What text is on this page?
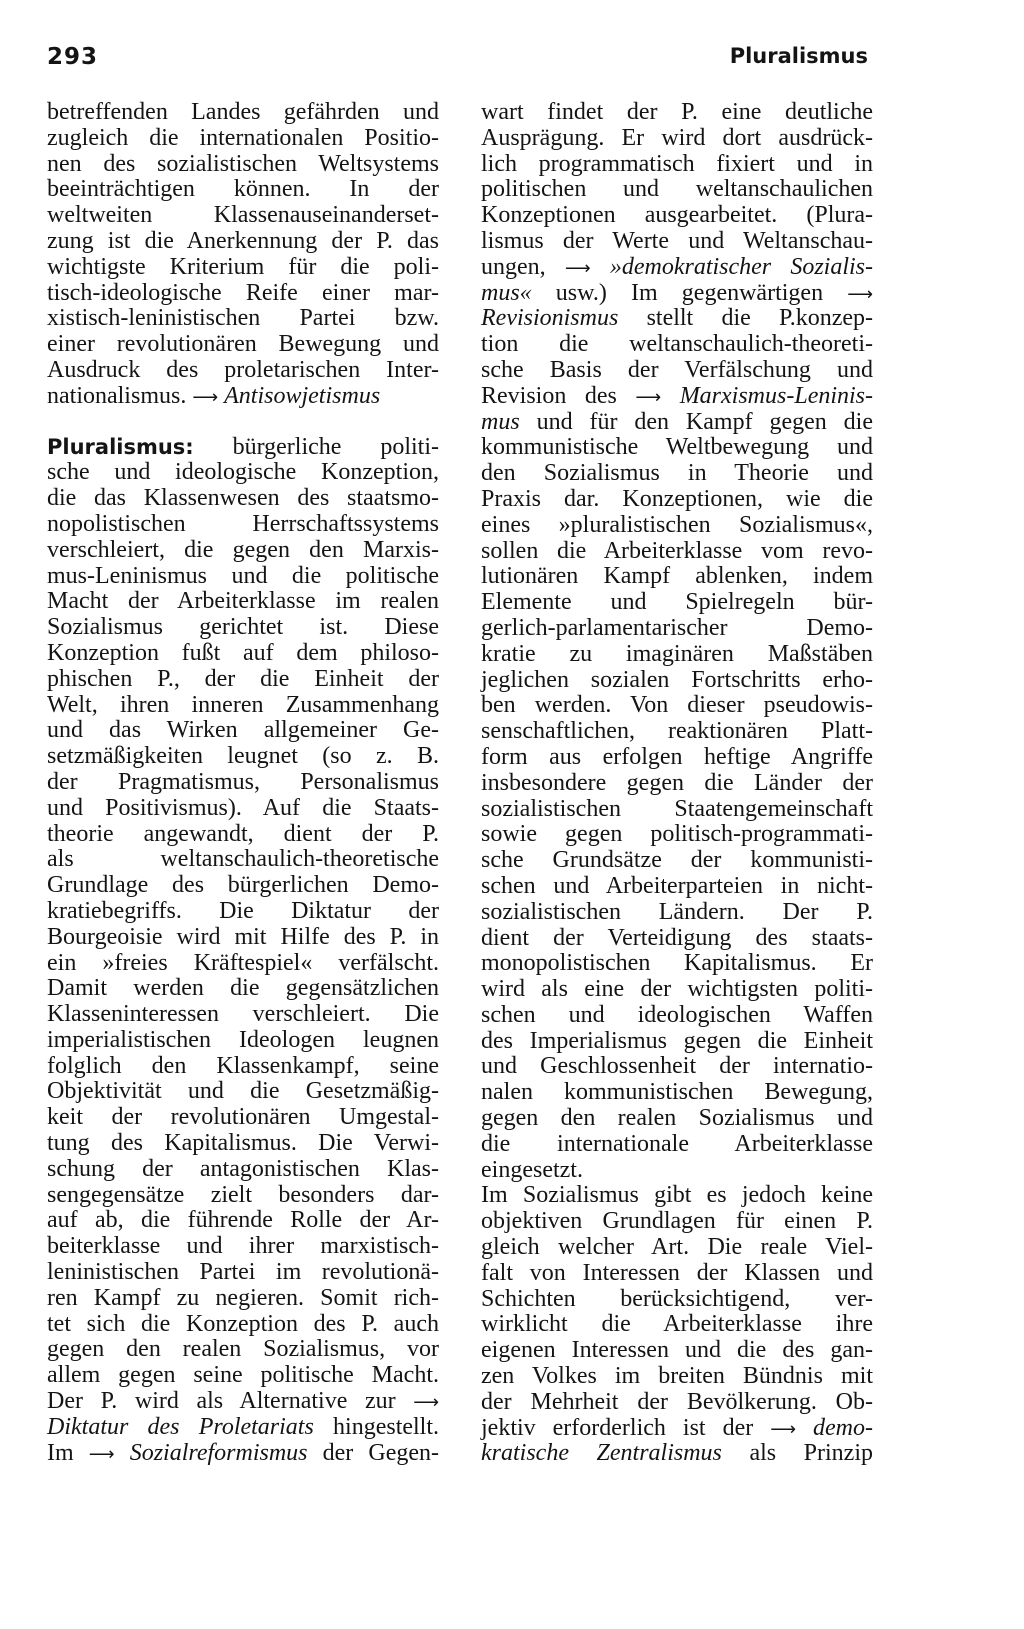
293	Pluralismus
betreffenden Landes gefährden und
zugleich die internationalen Positio-
nen des sozialistischen Weltsystems
beeinträchtigen können. In der
weltweiten Klassenauseinanderset-
zung ist die Anerkennung der P. das
wichtigste Kriterium für die poli-
tisch-ideologische Reife einer mar-
xistisch-leninistischen Partei bzw.
einer revolutionären Bewegung und
Ausdruck des proletarischen Inter-
nationalismus. ⟶ Antisowjetismus
Pluralismus: bürgerliche politi-
sche und ideologische Konzeption,
die das Klassenwesen des staatsmo-
nopolistischen Herrschaftssystems
verschleiert, die gegen den Marxis-
mus-Leninismus und die politische
Macht der Arbeiterklasse im realen
Sozialismus gerichtet ist. Diese
Konzeption fußt auf dem philoso-
phischen P., der die Einheit der
Welt, ihren inneren Zusammenhang
und das Wirken allgemeiner Ge-
setzmäßigkeiten leugnet (so z. B.
der Pragmatismus, Personalismus
und Positivismus). Auf die Staats-
theorie angewandt, dient der P.
als weltanschaulich-theoretische
Grundlage des bürgerlichen Demo-
kratiebegriffs. Die Diktatur der
Bourgeoisie wird mit Hilfe des P. in
ein »freies Kräftespiel« verfälscht.
Damit werden die gegensätzlichen
Klasseninteressen verschleiert. Die
imperialistischen Ideologen leugnen
folglich den Klassenkampf, seine
Objektivität und die Gesetzmäßig-
keit der revolutionären Umgestal-
tung des Kapitalismus. Die Verwi-
schung der antagonistischen Klas-
sengegensätze zielt besonders dar-
auf ab, die führende Rolle der Ar-
beiterklasse und ihrer marxistisch-
leninistischen Partei im revolutionä-
ren Kampf zu negieren. Somit rich-
tet sich die Konzeption des P. auch
gegen den realen Sozialismus, vor
allem gegen seine politische Macht.
Der P. wird als Alternative zur ⟶
Diktatur des Proletariats hingestellt.
Im ⟶ Sozialreformismus der Gegen-
wart findet der P. eine deutliche
Ausprägung. Er wird dort ausdrück-
lich programmatisch fixiert und in
politischen und weltanschaulichen
Konzeptionen ausgearbeitet. (Plura-
lismus der Werte und Weltanschau-
ungen, ⟶ »demokratischer Sozialis-
mus« usw.) Im gegenwärtigen ⟶
Revisionismus stellt die P.konzep-
tion die weltanschaulich-theoreti-
sche Basis der Verfälschung und
Revision des ⟶ Marxismus-Leninis-
mus und für den Kampf gegen die
kommunistische Weltbewegung und
den Sozialismus in Theorie und
Praxis dar. Konzeptionen, wie die
eines »pluralistischen Sozialismus«,
sollen die Arbeiterklasse vom revo-
lutionären Kampf ablenken, indem
Elemente und Spielregeln bür-
gerlich-parlamentarischer Demo-
kratie zu imaginären Maßstäben
jeglichen sozialen Fortschritts erho-
ben werden. Von dieser pseudowis-
senschaftlichen, reaktionären Platt-
form aus erfolgen heftige Angriffe
insbesondere gegen die Länder der
sozialistischen Staatengemeinschaft
sowie gegen politisch-programmati-
sche Grundsätze der kommunisti-
schen und Arbeiterparteien in nicht-
sozialistischen Ländern. Der P.
dient der Verteidigung des staats-
monopolistischen Kapitalismus. Er
wird als eine der wichtigsten politi-
schen und ideologischen Waffen
des Imperialismus gegen die Einheit
und Geschlossenheit der internatio-
nalen kommunistischen Bewegung,
gegen den realen Sozialismus und
die internationale Arbeiterklasse
eingesetzt.
Im Sozialismus gibt es jedoch keine
objektiven Grundlagen für einen P.
gleich welcher Art. Die reale Viel-
falt von Interessen der Klassen und
Schichten berücksichtigend, ver-
wirklicht die Arbeiterklasse ihre
eigenen Interessen und die des gan-
zen Volkes im breiten Bündnis mit
der Mehrheit der Bevölkerung. Ob-
jektiv erforderlich ist der ⟶ demo-
kratische Zentralismus als Prinzip
